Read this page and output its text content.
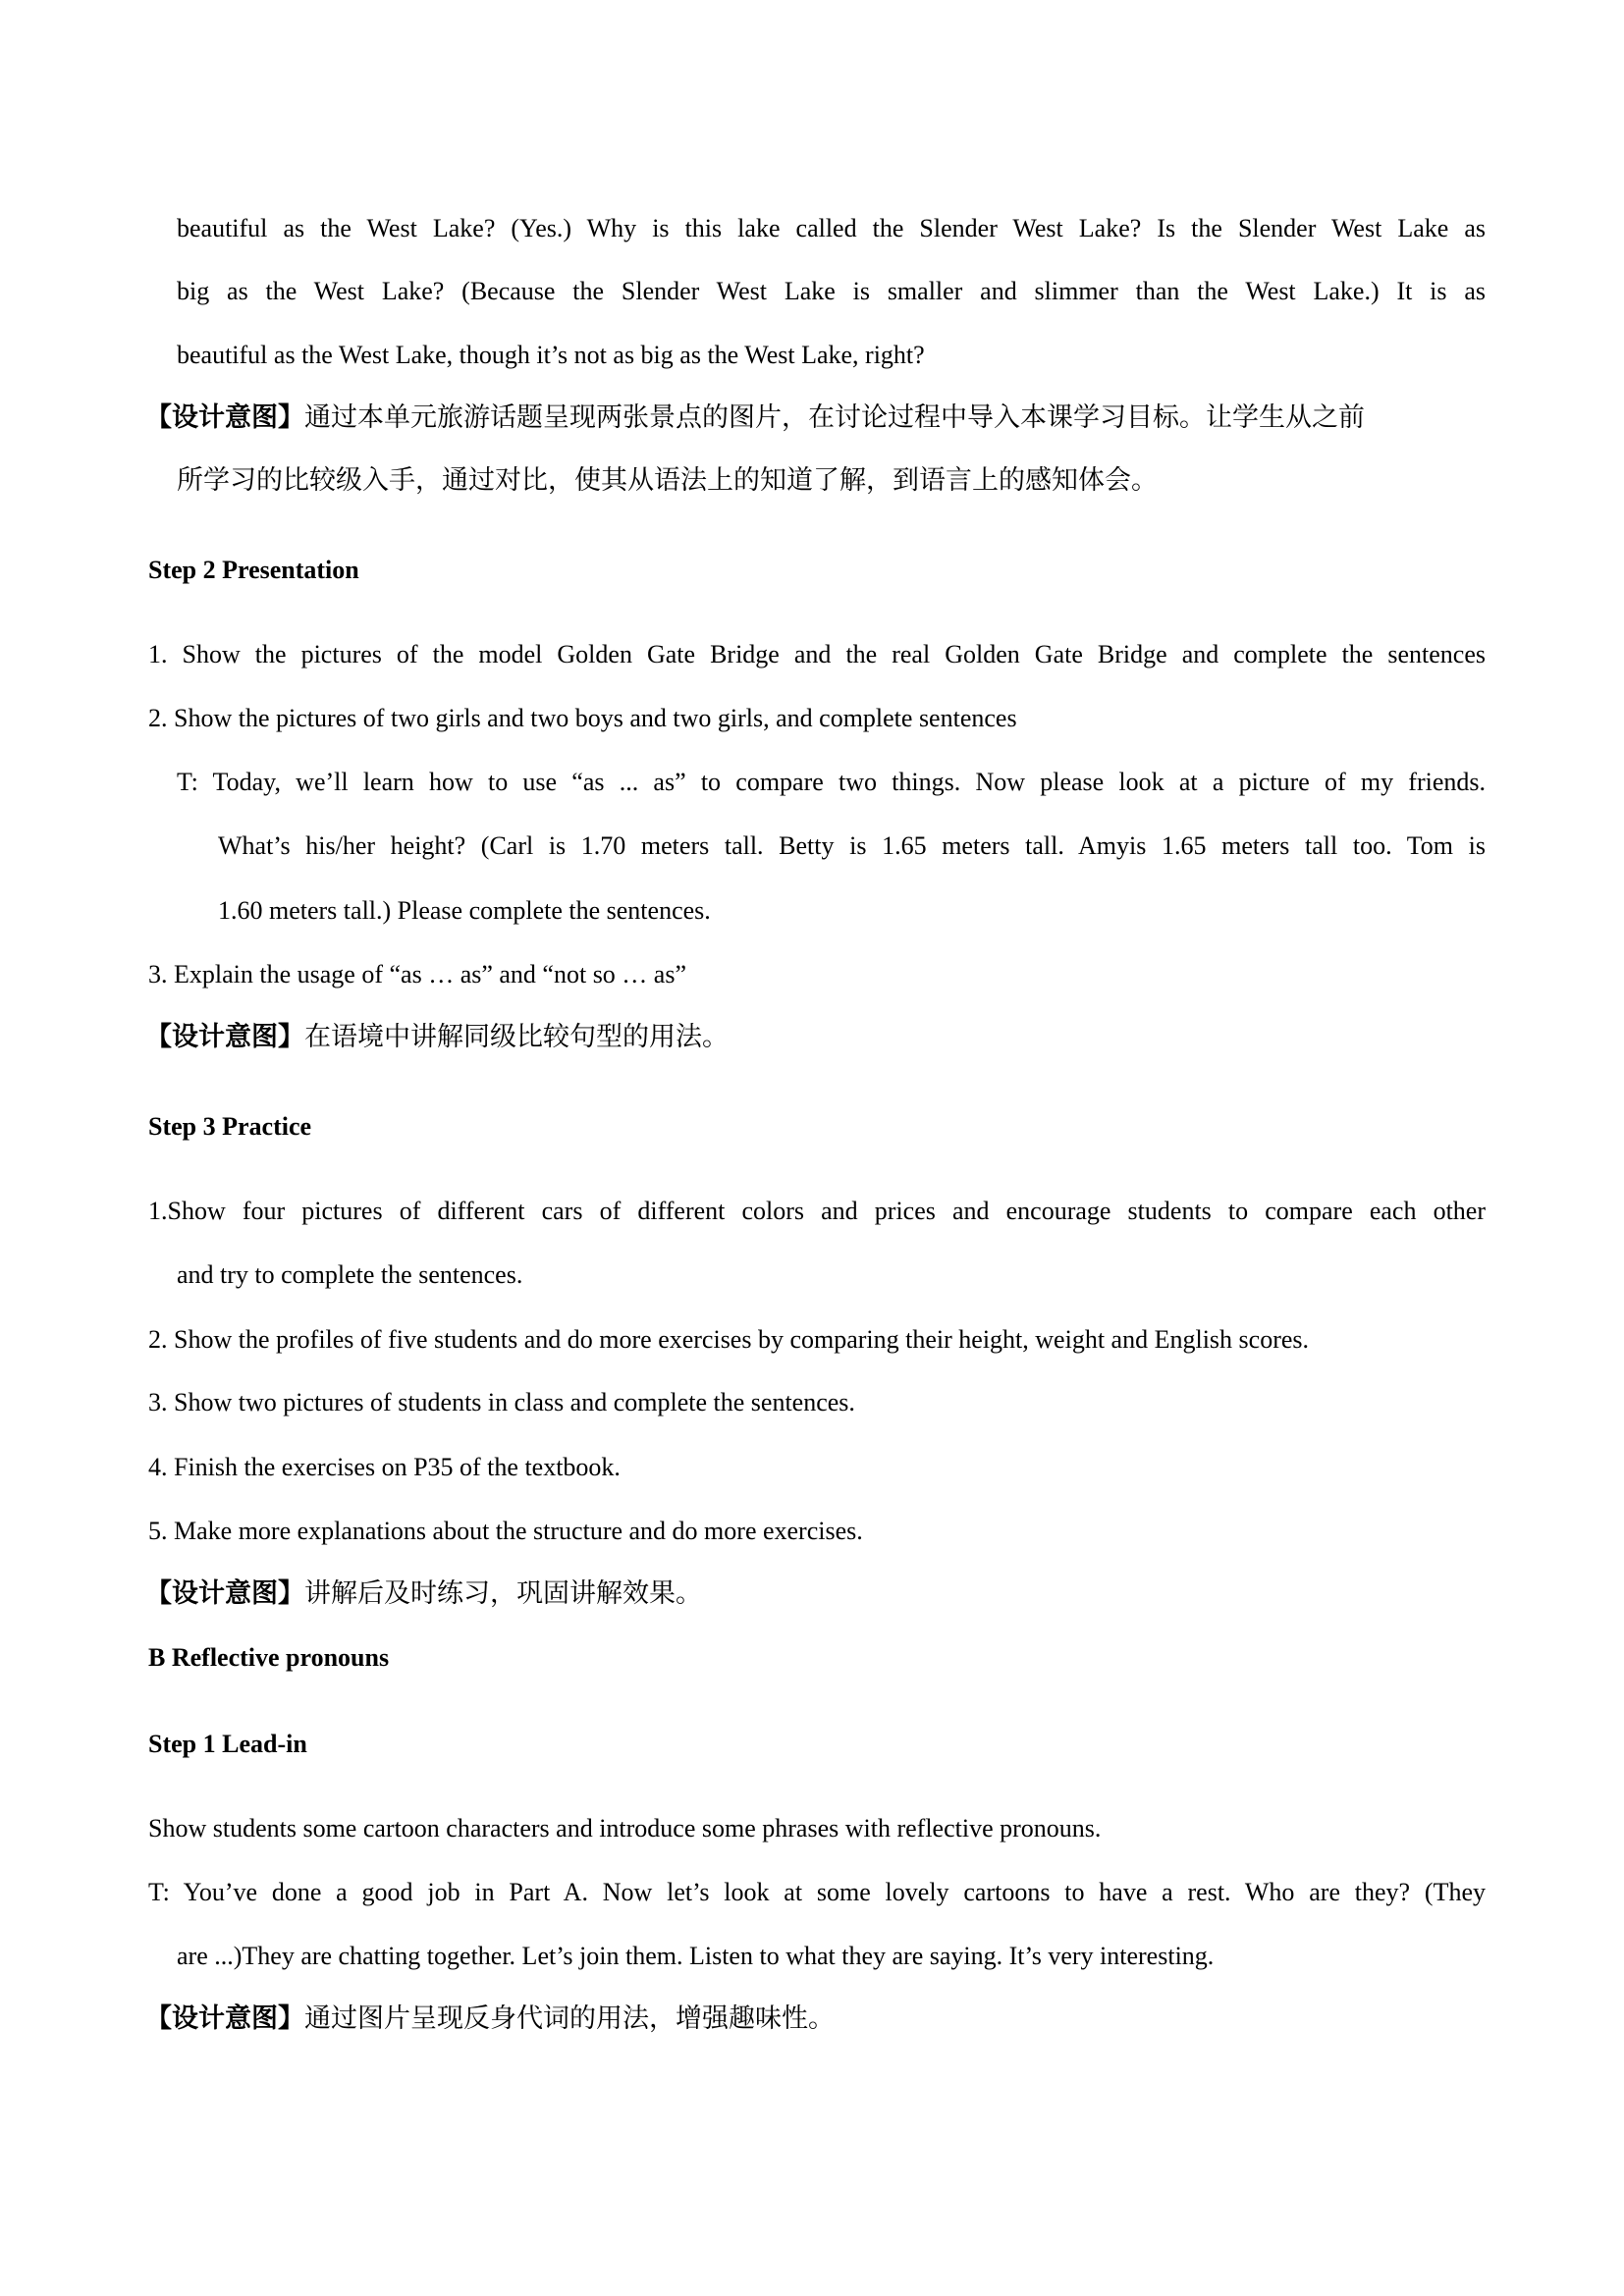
beautiful as the West Lake? (Yes.) Why is this lake called the Slender West Lake? Is the Slender West Lake as
big as the West Lake? (Because the Slender West Lake is smaller and slimmer than the West Lake.) It is as
beautiful as the West Lake, though it’s not as big as the West Lake, right?
【设计意图】通过本单元旅游话题呈现两张景点的图片，在讨论过程中导入本课学习目标。让学生从之前
所学习的比较级入手，通过对比，使其从语法上的知道了解，到语言上的感知体会。
Step 2 Presentation
1. Show the pictures of the model Golden Gate Bridge and the real Golden Gate Bridge and complete the sentences
2. Show the pictures of two girls and two boys and two girls, and complete sentences
T: Today, we’ll learn how to use “as ... as” to compare two things. Now please look at a picture of my friends.
What’s his/her height? (Carl is 1.70 meters tall. Betty is 1.65 meters tall. Amyis 1.65 meters tall too. Tom is
1.60 meters tall.) Please complete the sentences.
3. Explain the usage of “as … as” and “not so … as”
【设计意图】在语境中讲解同级比较句型的用法。
Step 3 Practice
1.Show four pictures of different cars of different colors and prices and encourage students to compare each other
and try to complete the sentences.
2. Show the profiles of five students and do more exercises by comparing their height, weight and English scores.
3. Show two pictures of students in class and complete the sentences.
4. Finish the exercises on P35 of the textbook.
5. Make more explanations about the structure and do more exercises.
【设计意图】讲解后及时练习，巩固讲解效果。
B Reflective pronouns
Step 1 Lead-in
Show students some cartoon characters and introduce some phrases with reflective pronouns.
T: You’ve done a good job in Part A. Now let’s look at some lovely cartoons to have a rest. Who are they? (They
are ...)They are chatting together. Let’s join them. Listen to what they are saying. It’s very interesting.
【设计意图】通过图片呈现反身代词的用法，增强趣味性。
